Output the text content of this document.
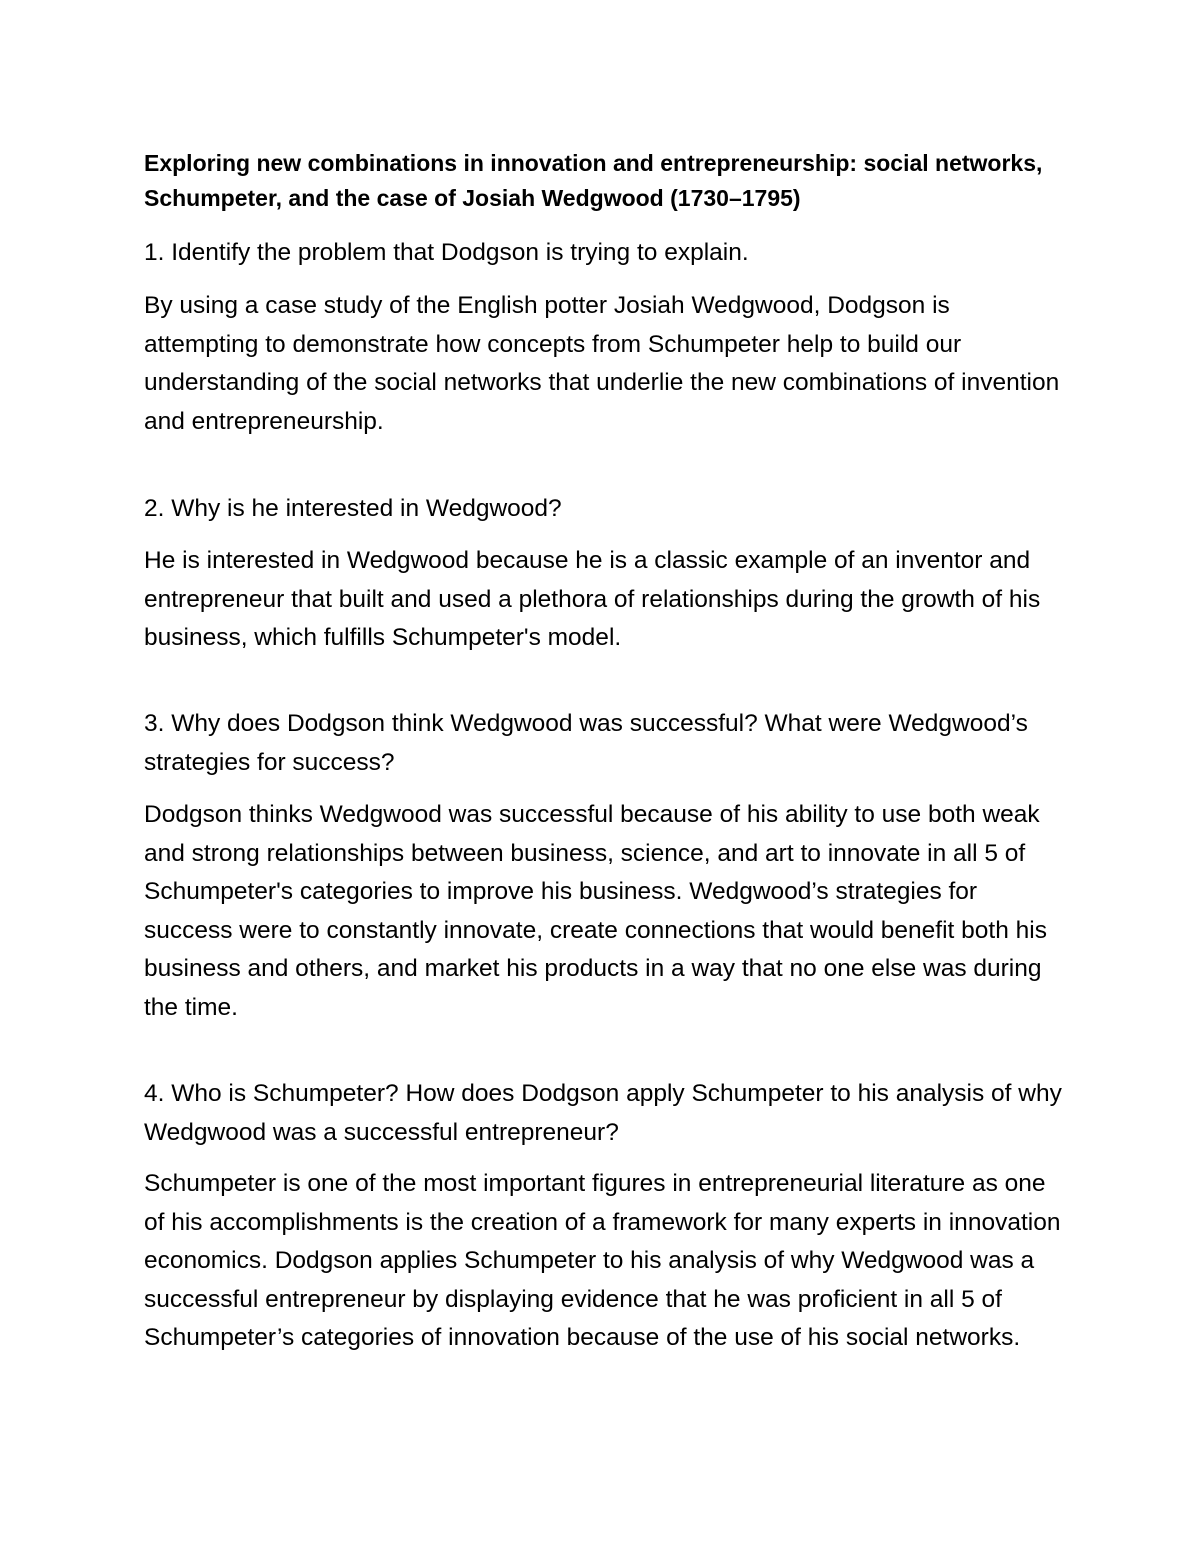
Exploring new combinations in innovation and entrepreneurship: social networks, Schumpeter, and the case of Josiah Wedgwood (1730–1795)

1. Identify the problem that Dodgson is trying to explain.

By using a case study of the English potter Josiah Wedgwood, Dodgson is attempting to demonstrate how concepts from Schumpeter help to build our understanding of the social networks that underlie the new combinations of invention and entrepreneurship.

2. Why is he interested in Wedgwood?

He is interested in Wedgwood because he is a classic example of an inventor and entrepreneur that built and used a plethora of relationships during the growth of his business, which fulfills Schumpeter's model.

3. Why does Dodgson think Wedgwood was successful? What were Wedgwood’s strategies for success?

Dodgson thinks Wedgwood was successful because of his ability to use both weak and strong relationships between business, science, and art to innovate in all 5 of Schumpeter's categories to improve his business. Wedgwood’s strategies for success were to constantly innovate, create connections that would benefit both his business and others, and market his products in a way that no one else was during the time.

4. Who is Schumpeter? How does Dodgson apply Schumpeter to his analysis of why Wedgwood was a successful entrepreneur?

Schumpeter is one of the most important figures in entrepreneurial literature as one of his accomplishments is the creation of a framework for many experts in innovation economics. Dodgson applies Schumpeter to his analysis of why Wedgwood was a successful entrepreneur by displaying evidence that he was proficient in all 5 of Schumpeter’s categories of innovation because of the use of his social networks.
